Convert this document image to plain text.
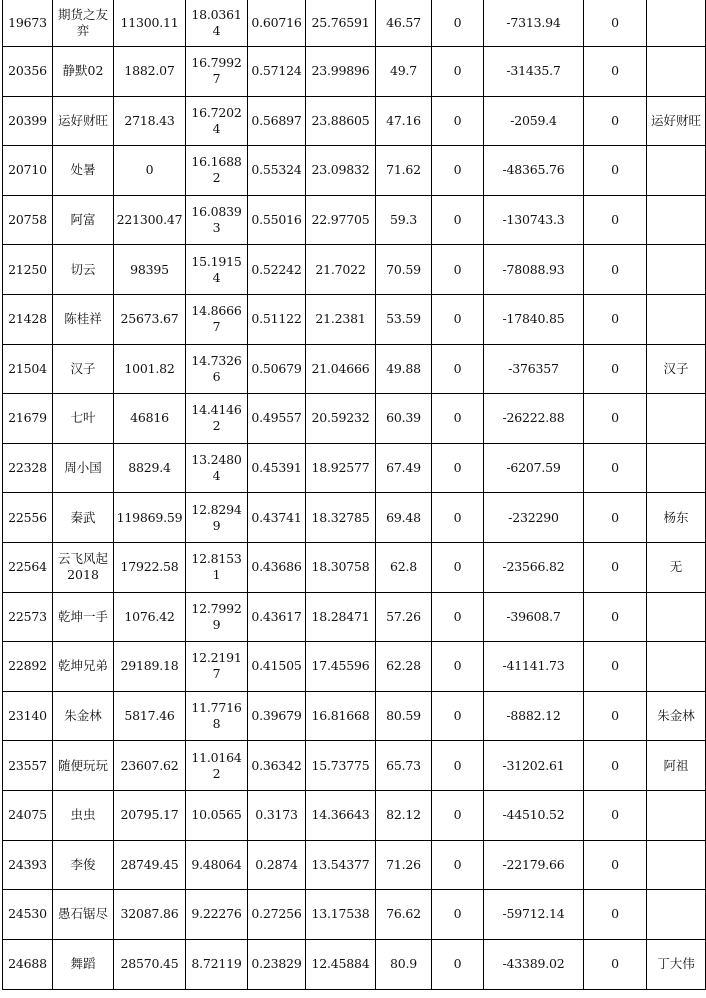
19673	期货之友弈	11300.11	18.03614	0.60716	25.76591	46.57	0	-7313.94	0	
20356	静默02	1882.07	16.79927	0.57124	23.99896	49.7	0	-31435.7	0	
20399	运好财旺	2718.43	16.72024	0.56897	23.88605	47.16	0	-2059.4	0	运好财旺
20710	处暑	0	16.16882	0.55324	23.09832	71.62	0	-48365.76	0	
20758	阿富	221300.47	16.08393	0.55016	22.97705	59.3	0	-130743.3	0	
21250	切云	98395	15.19154	0.52242	21.7022	70.59	0	-78088.93	0	
21428	陈桂祥	25673.67	14.86667	0.51122	21.2381	53.59	0	-17840.85	0	
21504	汉子	1001.82	14.73266	0.50679	21.04666	49.88	0	-376357	0	汉子
21679	七叶	46816	14.41462	0.49557	20.59232	60.39	0	-26222.88	0	
22328	周小国	8829.4	13.24804	0.45391	18.92577	67.49	0	-6207.59	0	
22556	秦武	119869.59	12.82949	0.43741	18.32785	69.48	0	-232290	0	杨东
22564	云飞风起2018	17922.58	12.81531	0.43686	18.30758	62.8	0	-23566.82	0	无
22573	乾坤一手	1076.42	12.79929	0.43617	18.28471	57.26	0	-39608.7	0	
22892	乾坤兄弟	29189.18	12.21917	0.41505	17.45596	62.28	0	-41141.73	0	
23140	朱金林	5817.46	11.77168	0.39679	16.81668	80.59	0	-8882.12	0	朱金林
23557	随便玩玩	23607.62	11.01642	0.36342	15.73775	65.73	0	-31202.61	0	阿祖
24075	虫虫	20795.17	10.0565	0.3173	14.36643	82.12	0	-44510.52	0	
24393	李俊	28749.45	9.48064	0.2874	13.54377	71.26	0	-22179.66	0	
24530	愚石锯尽	32087.86	9.22276	0.27256	13.17538	76.62	0	-59712.14	0	
24688	舞蹈	28570.45	8.72119	0.23829	12.45884	80.9	0	-43389.02	0	丁大伟
